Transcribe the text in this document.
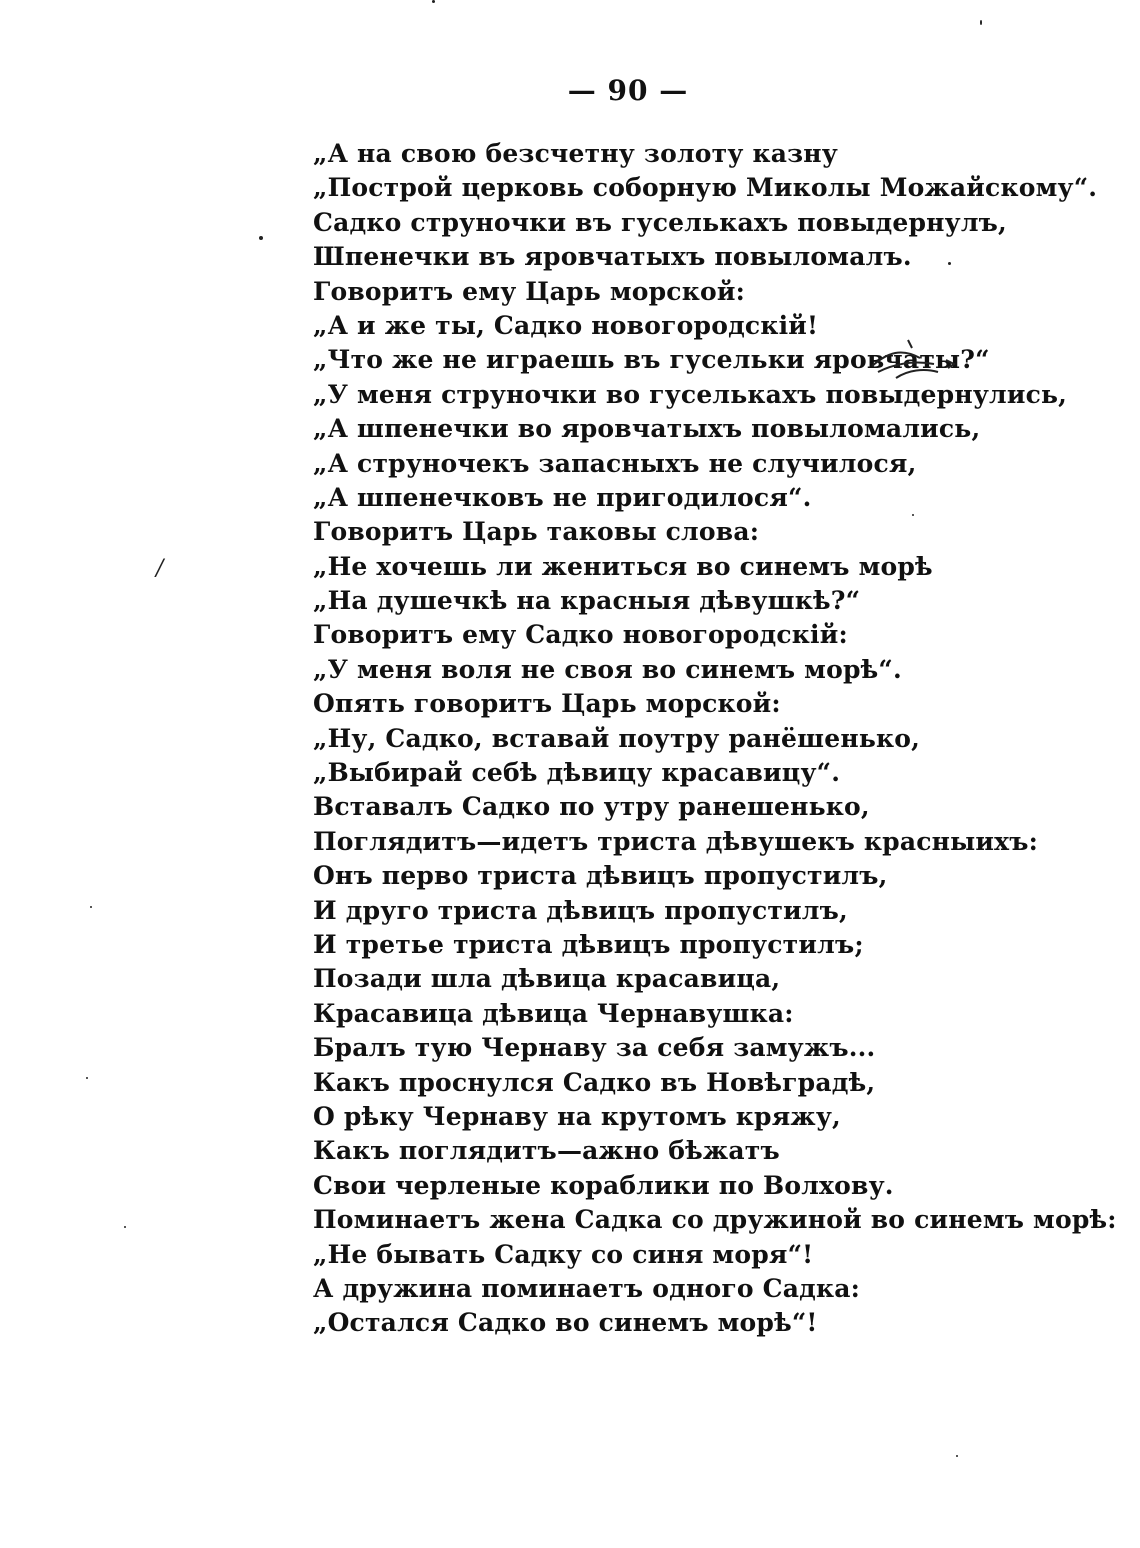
— 90 —
„А на свою безсчетну золоту казну
„Построй церковь соборную Миколы Можайскому“.
Садко струночки въ гуселькахъ повыдернулъ,
Шпенечки въ яровчатыхъ повыломалъ.
Говоритъ ему Царь морской:
„А и же ты, Садко новогородскій!
„Что же не играешь въ гусельки яровчаты?“
„У меня струночки во гуселькахъ повыдернулись,
„А шпенечки во яровчатыхъ повыломались,
„А струночекъ запасныхъ не случилося,
„А шпенечковъ не пригодилося“.
Говоритъ Царь таковы слова:
„Не хочешь ли жениться во синемъ морѣ
„На душечкѣ на красныя дѣвушкѣ?“
Говоритъ ему Садко новогородскій:
„У меня воля не своя во синемъ морѣ“.
Опять говоритъ Царь морской:
„Ну, Садко, вставай поутру ранёшенько,
„Выбирай себѣ дѣвицу красавицу“.
Вставалъ Садко по утру ранешенько,
Поглядитъ—идетъ триста дѣвушекъ красныихъ:
Онъ перво триста дѣвицъ пропустилъ,
И друго триста дѣвицъ пропустилъ,
И третье триста дѣвицъ пропустилъ;
Позади шла дѣвица красавица,
Красавица дѣвица Чернавушка:
Бралъ тую Чернаву за себя замужъ...
Какъ проснулся Садко въ Новѣградѣ,
О рѣку Чернаву на крутомъ кряжу,
Какъ поглядитъ—ажно бѣжатъ
Свои черленые кораблики по Волхову.
Поминаетъ жена Садка со дружиной во синемъ морѣ:
„Не бывать Садку со синя моря“!
А дружина поминаетъ одного Садка:
„Остался Садко во синемъ морѣ“!
/
